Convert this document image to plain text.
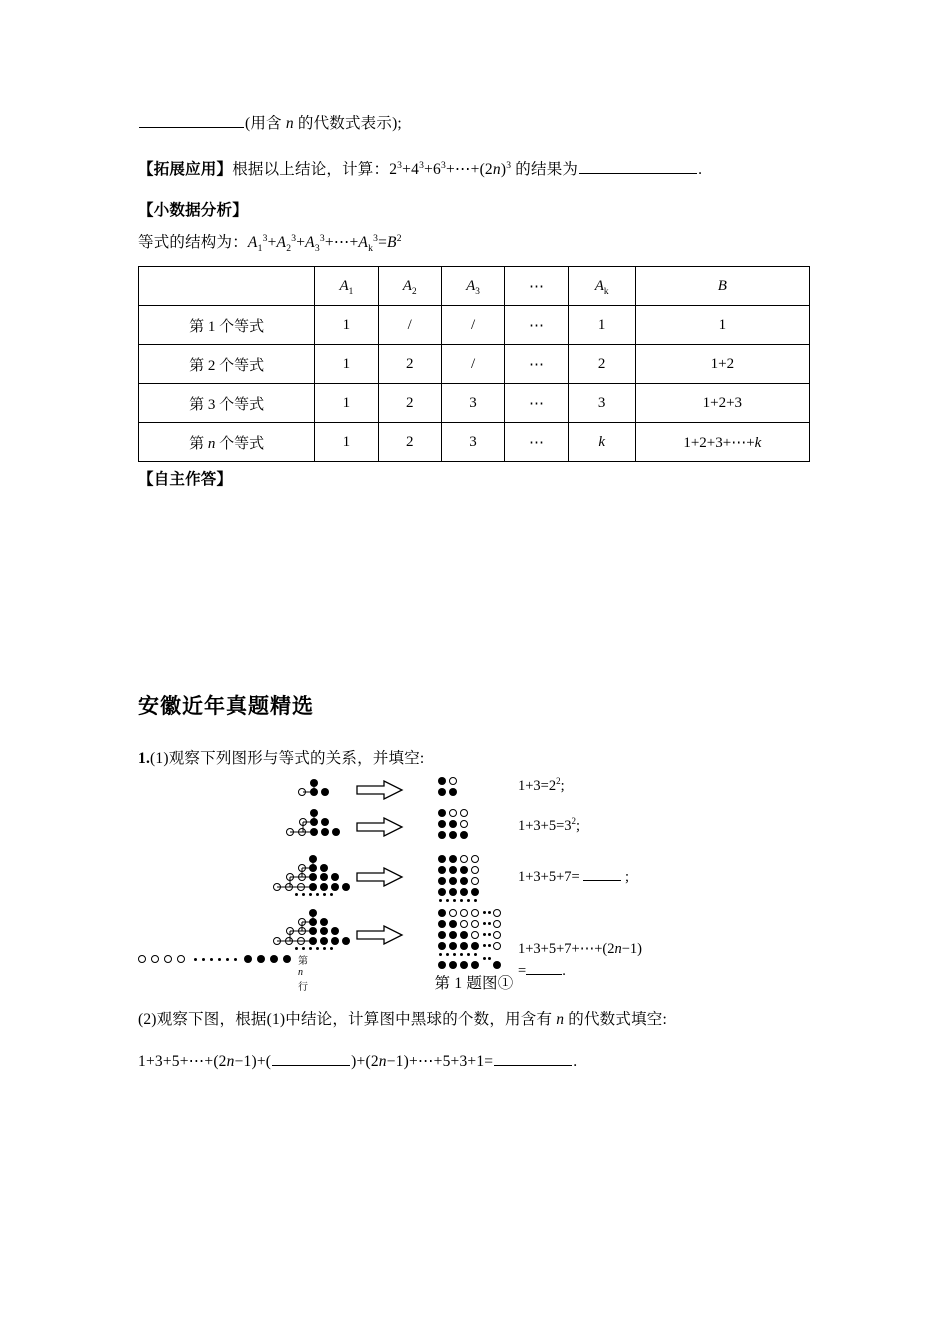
(用含 n 的代数式表示);
【拓展应用】根据以上结论，计算：$2^3+4^3+6^3+\cdots+(2n)^3$ 的结果为	.
【小数据分析】
等式的结构为：$A_1^3+A_2^3+A_3^3+\cdots+A_k^3=B^2$
	$A_1$	$A_2$	$A_3$	⋯	$A_k$	B
第 1 个等式	1	/	/	⋯	1	1
第 2 个等式	1	2	/	⋯	2	1+2
第 3 个等式	1	2	3	⋯	3	1+2+3
第 n 个等式	1	2	3	⋯	k	1+2+3+⋯+k
【自主作答】
安徽近年真题精选
1.(1)观察下列图形与等式的关系，并填空:
$1+3=2^2$;
$1+3+5=3^2$;
1+3+5+7=	;
第n行
1+3+5+7+⋯+(2n−1)
= .
第 1 题图①
(2)观察下图，根据(1)中结论，计算图中黑球的个数，用含有 n 的代数式填空:
1+3+5+⋯+(2n−1)+(	)+(2n−1)+⋯+5+3+1=	.
